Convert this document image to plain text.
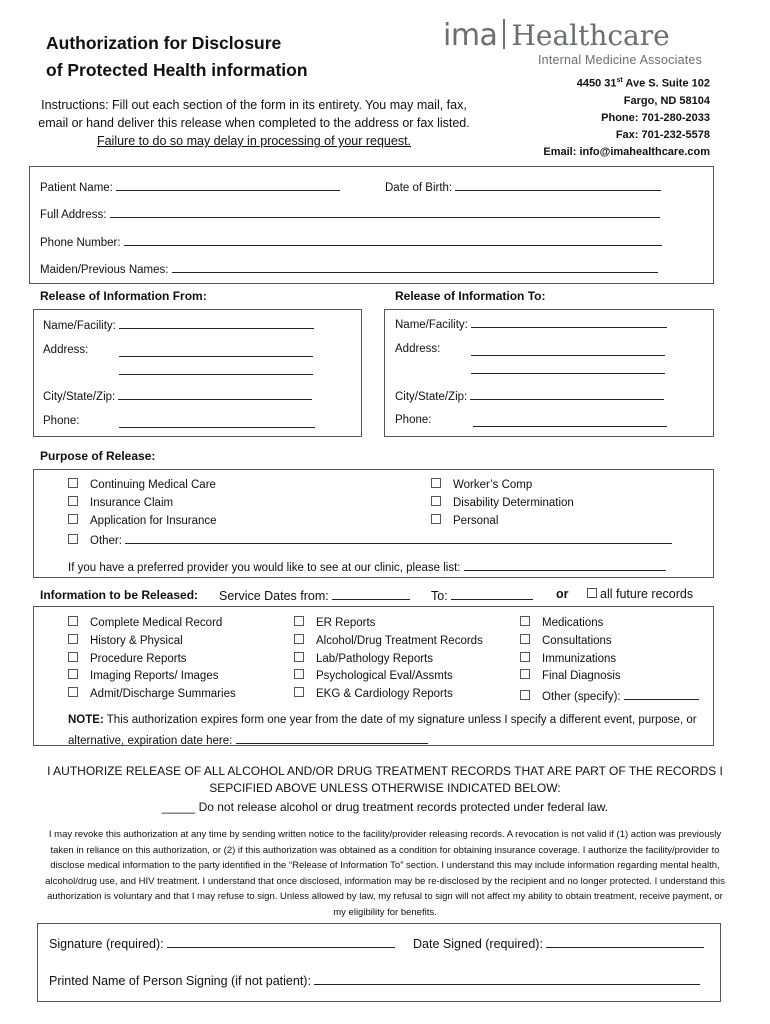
Authorization for Disclosure
of Protected Health information
ima Healthcare
Internal Medicine Associates
4450 31st Ave S. Suite 102
Fargo, ND 58104
Phone: 701-280-2033
Fax: 701-232-5578
Email: info@imahealthcare.com
Instructions: Fill out each section of the form in its entirety. You may mail, fax, email or hand deliver this release when completed to the address or fax listed. Failure to do so may delay in processing of your request.
Patient Name:	Date of Birth:
Full Address:
Phone Number:
Maiden/Previous Names:
Release of Information From:	Release of Information To:
Name/Facility:
Address:
City/State/Zip:
Phone:
Name/Facility:
Address:
City/State/Zip:
Phone:
Purpose of Release:
Continuing Medical Care
Insurance Claim
Application for Insurance
Other:
Worker’s Comp
Disability Determination
Personal
If you have a preferred provider you would like to see at our clinic, please list:
Information to be Released: Service Dates from:	To:	or	all future records
Complete Medical Record
History & Physical
Procedure Reports
Imaging Reports/ Images
Admit/Discharge Summaries
ER Reports
Alcohol/Drug Treatment Records
Lab/Pathology Reports
Psychological Eval/Assmts
EKG & Cardiology Reports
Medications
Consultations
Immunizations
Final Diagnosis
Other (specify):
NOTE: This authorization expires form one year from the date of my signature unless I specify a different event, purpose, or
alternative, expiration date here:
I AUTHORIZE RELEASE OF ALL ALCOHOL AND/OR DRUG TREATMENT RECORDS THAT ARE PART OF THE RECORDS I
SEPCIFIED ABOVE UNLESS OTHERWISE INDICATED BELOW:
_____ Do not release alcohol or drug treatment records protected under federal law.
I may revoke this authorization at any time by sending written notice to the facility/provider releasing records. A revocation is not valid if (1) action was previously taken in reliance on this authorization, or (2) if this authorization was obtained as a condition for obtaining insurance coverage. I authorize the facility/provider to disclose medical information to the party identified in the “Release of Information To” section. I understand this may include information regarding mental health, alcohol/drug use, and HIV treatment. I understand that once disclosed, information may be re-disclosed by the recipient and no longer protected. I understand this authorization is voluntary and that I may refuse to sign. Unless allowed by law, my refusal to sign will not affect my ability to obtain treatment, receive payment, or my eligibility for benefits.
Signature (required):	Date Signed (required):
Printed Name of Person Signing (if not patient):
